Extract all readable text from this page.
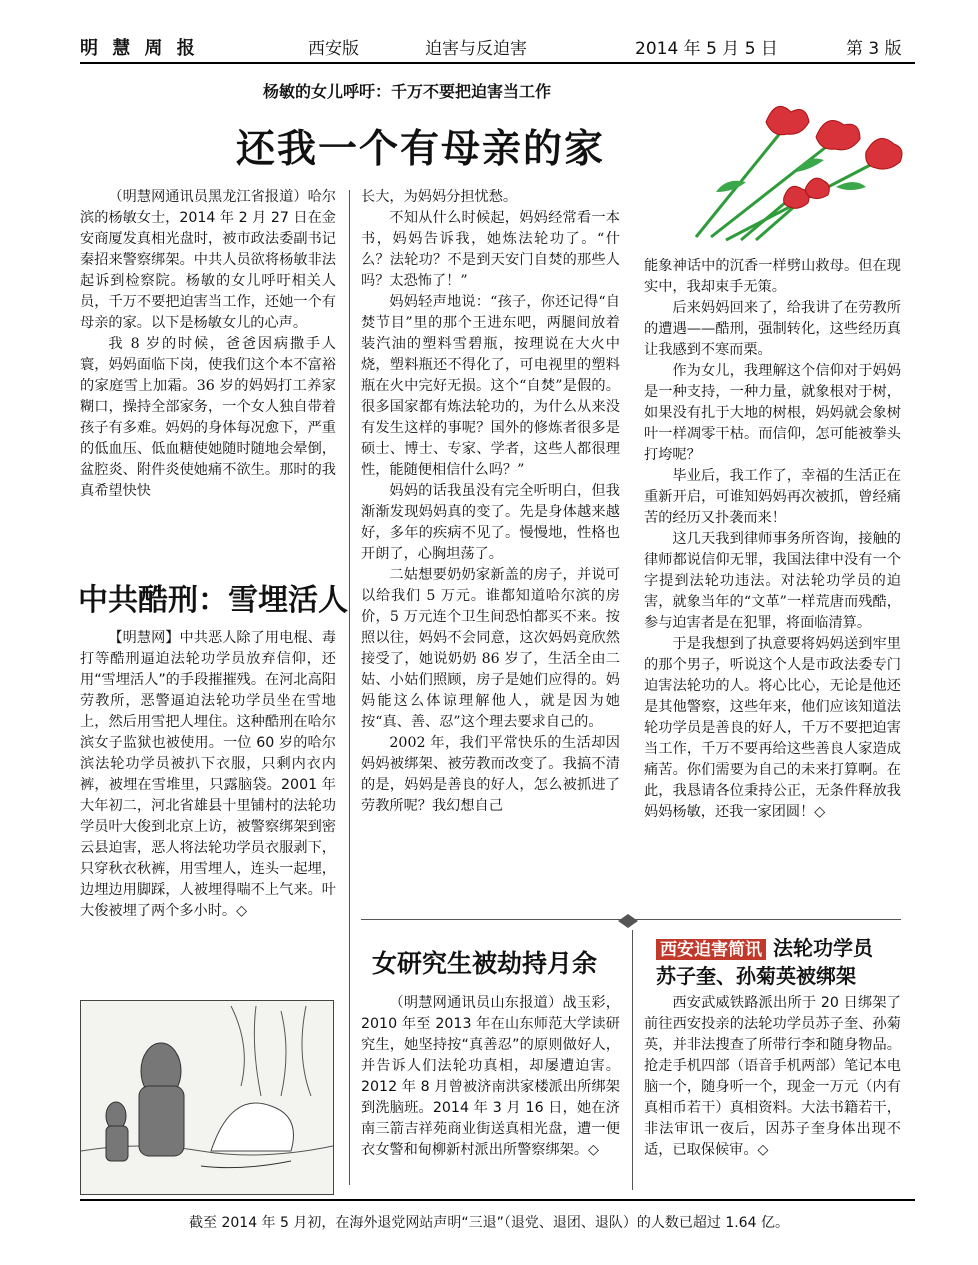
明 慧 周 报	西安版	迫害与反迫害	2014 年 5 月 5 日	第 3 版
杨敏的女儿呼吁：千万不要把迫害当工作
还我一个有母亲的家

（明慧网通讯员黑龙江省报道）哈尔滨的杨敏女士，2014 年 2 月 27 日在金安商厦发真相光盘时，被市政法委副书记秦招来警察绑架。中共人员欲将杨敏非法起诉到检察院。杨敏的女儿呼吁相关人员，千万不要把迫害当工作，还她一个有母亲的家。以下是杨敏女儿的心声。

我 8 岁的时候，爸爸因病撒手人寰，妈妈面临下岗，使我们这个本不富裕的家庭雪上加霜。36 岁的妈妈打工养家糊口，操持全部家务，一个女人独自带着孩子有多难。妈妈的身体每况愈下，严重的低血压、低血糖使她随时随地会晕倒，盆腔炎、附件炎使她痛不欲生。那时的我真希望快快

长大，为妈妈分担忧愁。

不知从什么时候起，妈妈经常看一本书，妈妈告诉我，她炼法轮功了。“什么？法轮功？不是到天安门自焚的那些人吗？太恐怖了！”

妈妈轻声地说：“孩子，你还记得“自焚节目”里的那个王进东吧，两腿间放着装汽油的塑料雪碧瓶，按理说在大火中烧，塑料瓶还不得化了，可电视里的塑料瓶在火中完好无损。这个“自焚”是假的。很多国家都有炼法轮功的，为什么从来没有发生这样的事呢？国外的修炼者很多是硕士、博士、专家、学者，这些人都很理性，能随便相信什么吗？”

妈妈的话我虽没有完全听明白，但我渐渐发现妈妈真的变了。先是身体越来越好，多年的疾病不见了。慢慢地，性格也开朗了，心胸坦荡了。

二姑想要奶奶家新盖的房子，并说可以给我们 5 万元。谁都知道哈尔滨的房价，5 万元连个卫生间恐怕都买不来。按照以往，妈妈不会同意，这次妈妈竟欣然接受了，她说奶奶 86 岁了，生活全由二姑、小姑们照顾，房子是她们应得的。妈妈能这么体谅理解他人，就是因为她按“真、善、忍”这个理去要求自己的。

2002 年，我们平常快乐的生活却因妈妈被绑架、被劳教而改变了。我搞不清的是，妈妈是善良的好人，怎么被抓进了劳教所呢？我幻想自己

能象神话中的沉香一样劈山救母。但在现实中，我却束手无策。

后来妈妈回来了，给我讲了在劳教所的遭遇——酷刑，强制转化，这些经历真让我感到不寒而栗。

作为女儿，我理解这个信仰对于妈妈是一种支持，一种力量，就象根对于树，如果没有扎于大地的树根，妈妈就会象树叶一样凋零干枯。而信仰，怎可能被拳头打垮呢？

毕业后，我工作了，幸福的生活正在重新开启，可谁知妈妈再次被抓，曾经痛苦的经历又扑袭而来！

这几天我到律师事务所咨询，接触的律师都说信仰无罪，我国法律中没有一个字提到法轮功违法。对法轮功学员的迫害，就象当年的“文革”一样荒唐而残酷，参与迫害者是在犯罪，将面临清算。

于是我想到了执意要将妈妈送到牢里的那个男子，听说这个人是市政法委专门迫害法轮功的人。将心比心，无论是他还是其他警察，这些年来，他们应该知道法轮功学员是善良的好人，千万不要把迫害当工作，千万不要再给这些善良人家造成痛苦。你们需要为自己的未来打算啊。在此，我恳请各位秉持公正，无条件释放我妈妈杨敏，还我一家团圆！◇

中共酷刑：雪埋活人

【明慧网】中共恶人除了用电棍、毒打等酷刑逼迫法轮功学员放弃信仰，还用“雪埋活人”的手段摧摧残。在河北高阳劳教所，恶警逼迫法轮功学员坐在雪地上，然后用雪把人埋住。这种酷刑在哈尔滨女子监狱也被使用。一位 60 岁的哈尔滨法轮功学员被扒下衣服，只剩内衣内裤，被埋在雪堆里，只露脑袋。2001 年大年初二，河北省雄县十里铺村的法轮功学员叶大俊到北京上访，被警察绑架到密云县迫害，恶人将法轮功学员衣服剥下，只穿秋衣秋裤，用雪埋人，连头一起埋，边埋边用脚踩，人被埋得喘不上气来。叶大俊被埋了两个多小时。◇

女研究生被劫持月余

（明慧网通讯员山东报道）战玉彩，2010 年至 2013 年在山东师范大学读研究生，她坚持按“真善忍”的原则做好人，并告诉人们法轮功真相，却屡遭迫害。2012 年 8 月曾被济南洪家楼派出所绑架到洗脑班。2014 年 3 月 16 日，她在济南三箭吉祥苑商业街送真相光盘，遭一便衣女警和甸柳新村派出所警察绑架。◇

西安迫害简讯 法轮功学员
苏子奎、孙菊英被绑架

西安武威铁路派出所于 20 日绑架了前往西安投亲的法轮功学员苏子奎、孙菊英，并非法搜查了所带行李和随身物品。抢走手机四部（语音手机两部）笔记本电脑一个，随身听一个，现金一万元（内有真相币若干）真相资料。大法书籍若干，非法审讯一夜后，因苏子奎身体出现不适，已取保候审。◇

截至 2014 年 5 月初，在海外退党网站声明“三退”（退党、退团、退队）的人数已超过 1.64 亿。
